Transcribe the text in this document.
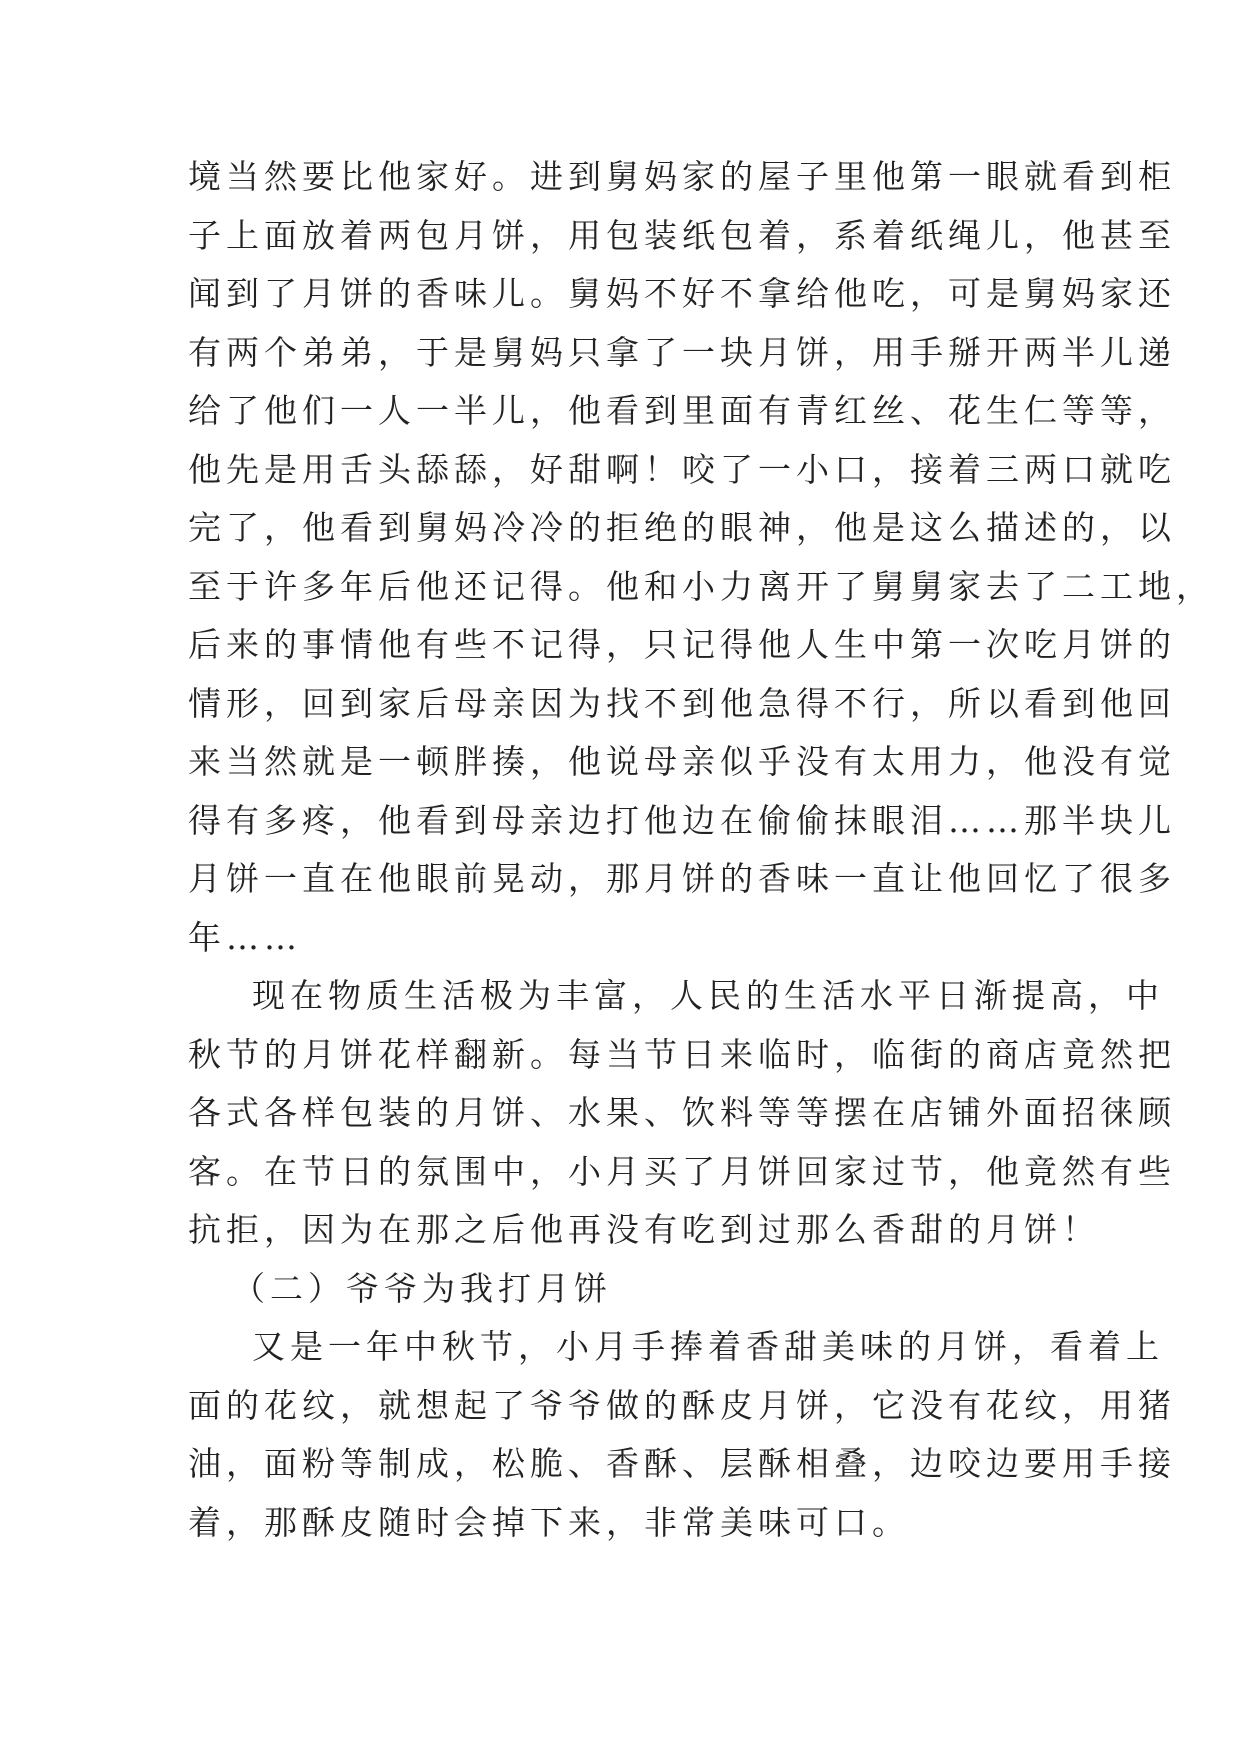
境当然要比他家好。进到舅妈家的屋子里他第一眼就看到柜

子上面放着两包月饼，用包装纸包着，系着纸绳儿，他甚至

闻到了月饼的香味儿。舅妈不好不拿给他吃，可是舅妈家还

有两个弟弟，于是舅妈只拿了一块月饼，用手掰开两半儿递

给了他们一人一半儿，他看到里面有青红丝、花生仁等等，

他先是用舌头舔舔，好甜啊！咬了一小口，接着三两口就吃

完了，他看到舅妈冷冷的拒绝的眼神，他是这么描述的，以

至于许多年后他还记得。他和小力离开了舅舅家去了二工地，

后来的事情他有些不记得，只记得他人生中第一次吃月饼的

情形，回到家后母亲因为找不到他急得不行，所以看到他回

来当然就是一顿胖揍，他说母亲似乎没有太用力，他没有觉

得有多疼，他看到母亲边打他边在偷偷抹眼泪……那半块儿

月饼一直在他眼前晃动，那月饼的香味一直让他回忆了很多

年……

现在物质生活极为丰富，人民的生活水平日渐提高，中

秋节的月饼花样翻新。每当节日来临时，临街的商店竟然把

各式各样包装的月饼、水果、饮料等等摆在店铺外面招徕顾

客。在节日的氛围中，小月买了月饼回家过节，他竟然有些

抗拒，因为在那之后他再没有吃到过那么香甜的月饼！

（二）爷爷为我打月饼

又是一年中秋节，小月手捧着香甜美味的月饼，看着上

面的花纹，就想起了爷爷做的酥皮月饼，它没有花纹，用猪

油，面粉等制成，松脆、香酥、层酥相叠，边咬边要用手接

着，那酥皮随时会掉下来，非常美味可口。
